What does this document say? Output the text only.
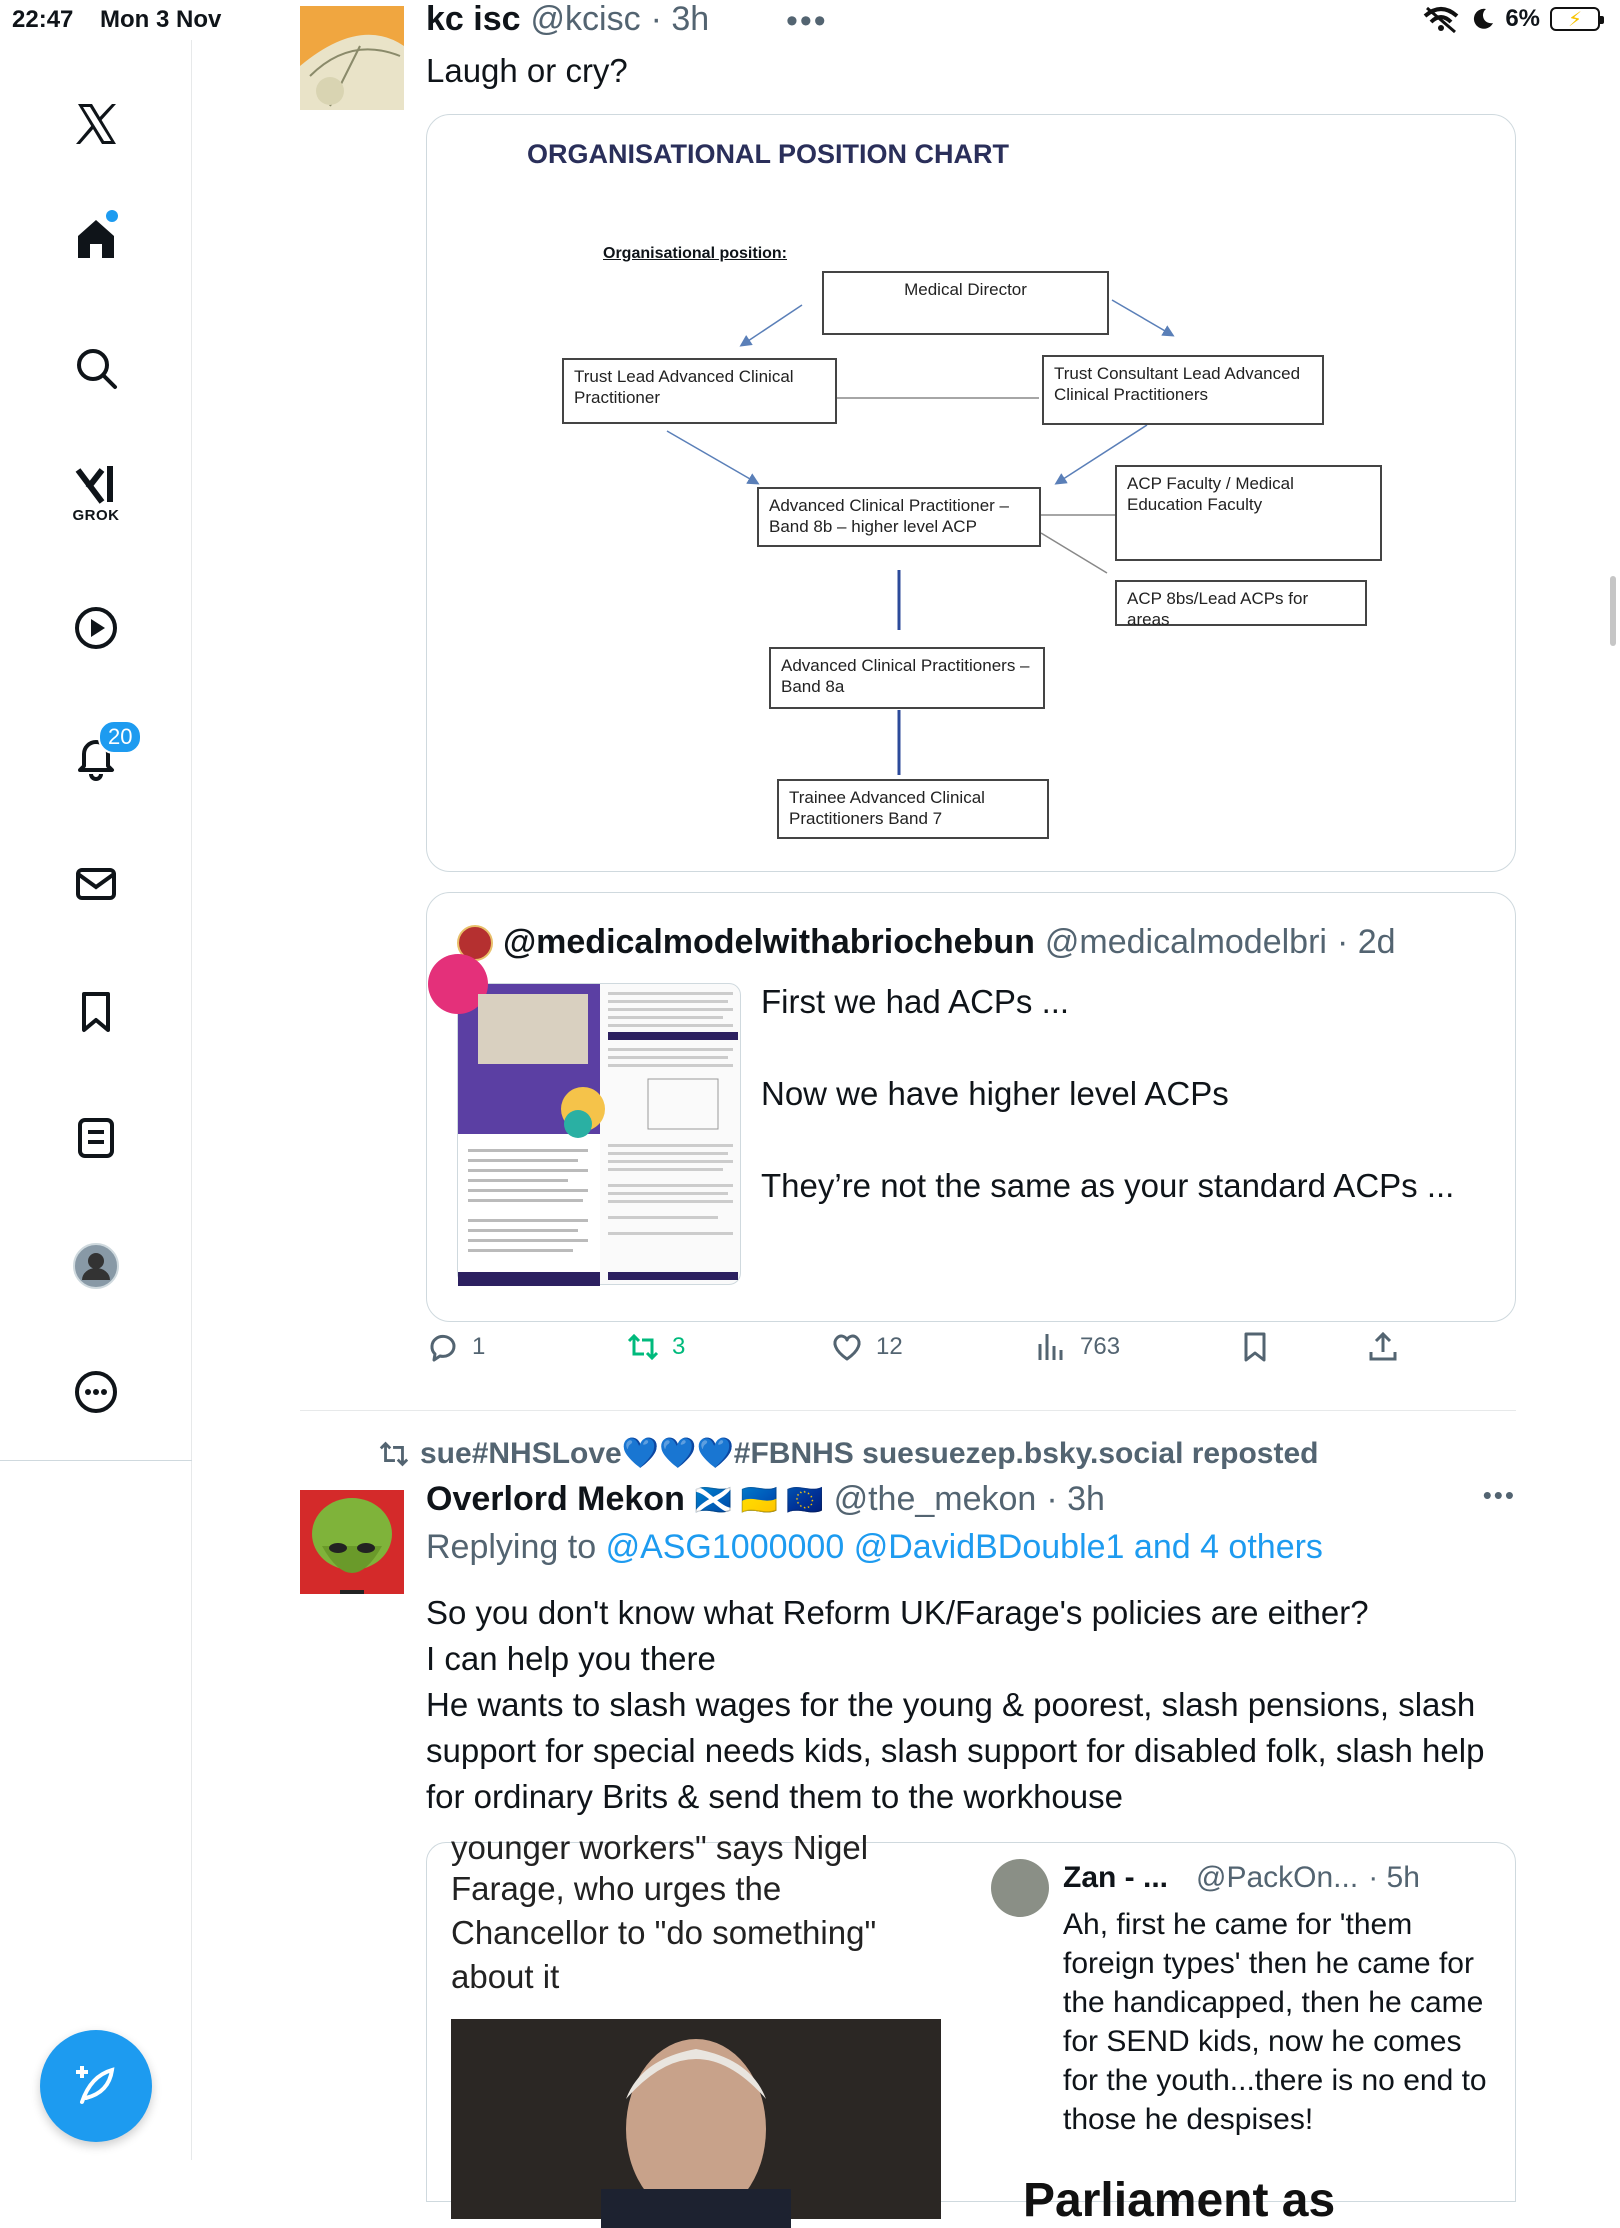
22:47 Mon 3 Nov	6% ⚡
GROK
20
kc isc @kcisc · 3h •••
Laugh or cry?
ORGANISATIONAL POSITION CHART
Organisational position:
Medical Director
Trust Lead Advanced Clinical Practitioner
Trust Consultant Lead Advanced Clinical Practitioners
Advanced Clinical Practitioner – Band 8b – higher level ACP
ACP Faculty / Medical Education Faculty
ACP 8bs/Lead ACPs for areas
Advanced Clinical Practitioners – Band 8a
Trainee Advanced Clinical Practitioners Band 7
@medicalmodelwithabriochebun @medicalmodelbri · 2d
First we had ACPs ...
Now we have higher level ACPs
They’re not the same as your standard ACPs ...
1	3	12	763
sue#NHSLove💙💙💙#FBNHS suesuezep.bsky.social reposted
Overlord Mekon 🏴󠁧󠁢󠁳󠁣󠁴󠁿 🇺🇦 🇪🇺 @the_mekon · 3h	•••
Replying to @ASG1000000 @DavidBDouble1 and 4 others
So you don't know what Reform UK/Farage's policies are either?
I can help you there
He wants to slash wages for the young & poorest, slash pensions, slash support for special needs kids, slash support for disabled folk, slash help for ordinary Brits & send them to the workhouse
younger workers" says Nigel
Farage, who urges the Chancellor to "do something" about it
Zan - ... @PackOn... · 5h
Ah, first he came for 'them foreign types' then he came for the handicapped, then he came for SEND kids, now he comes for the youth...there is no end to those he despises!
Parliament as
